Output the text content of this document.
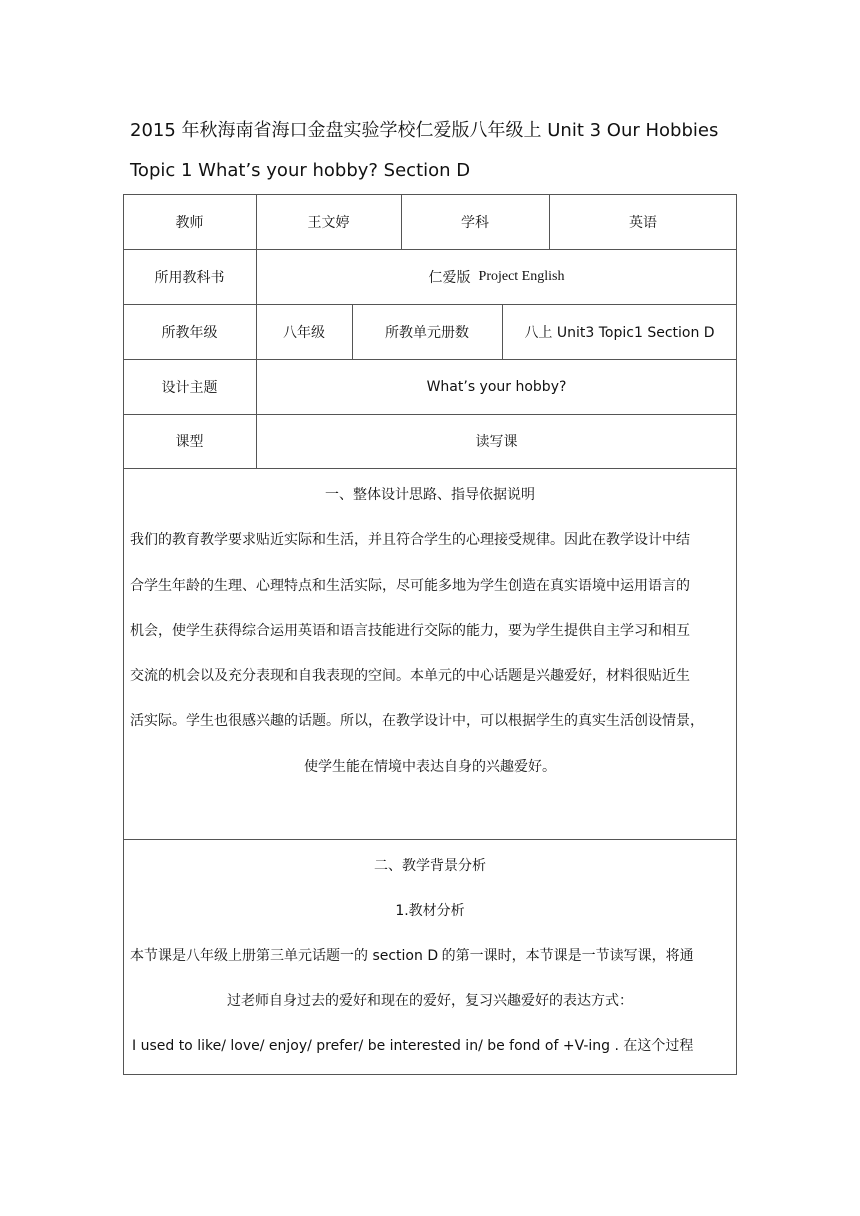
2015 年秋海南省海口金盘实验学校仁爱版八年级上 Unit 3 Our Hobbies
Topic 1 What’s your hobby? Section D
教师	王文婷	学科	英语
所用教科书	仁爱版 Project English
所教年级	八年级	所教单元册数	八上 Unit3 Topic1 Section D
设计主题	What’s your hobby?
课型	读写课
一、整体设计思路、指导依据说明
我们的教育教学要求贴近实际和生活，并且符合学生的心理接受规律。因此在教学设计中结
合学生年龄的生理、心理特点和生活实际，尽可能多地为学生创造在真实语境中运用语言的
机会，使学生获得综合运用英语和语言技能进行交际的能力，要为学生提供自主学习和相互
交流的机会以及充分表现和自我表现的空间。本单元的中心话题是兴趣爱好，材料很贴近生
活实际。学生也很感兴趣的话题。所以，在教学设计中，可以根据学生的真实生活创设情景，
使学生能在情境中表达自身的兴趣爱好。
二、教学背景分析
1.教材分析
本节课是八年级上册第三单元话题一的 section D 的第一课时，本节课是一节读写课，将通
过老师自身过去的爱好和现在的爱好，复习兴趣爱好的表达方式：
I used to like/ love/ enjoy/ prefer/ be interested in/ be fond of +V-ing . 在这个过程
